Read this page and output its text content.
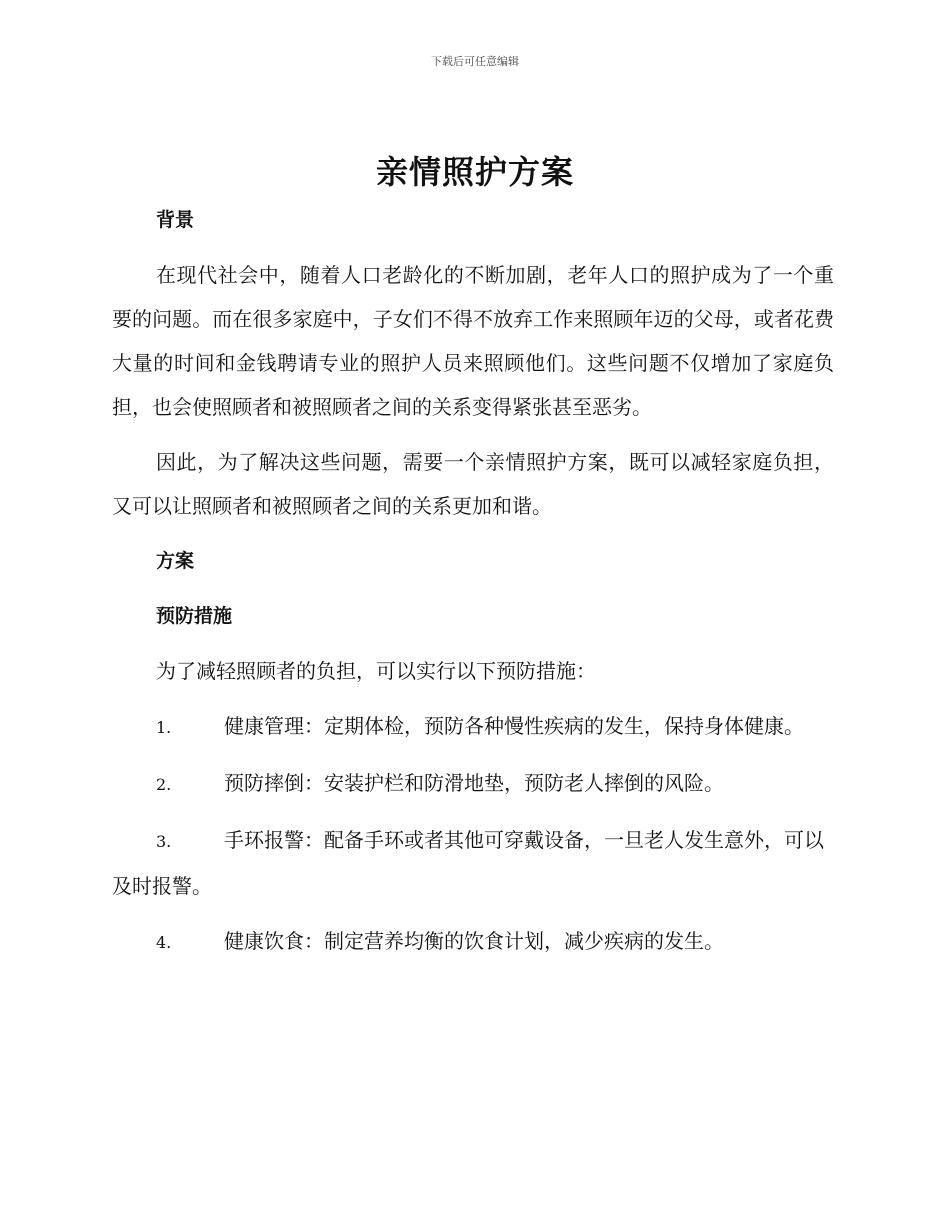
下载后可任意编辑
亲情照护方案
背景
在现代社会中，随着人口老龄化的不断加剧，老年人口的照护成为了一个重要的问题。而在很多家庭中，子女们不得不放弃工作来照顾年迈的父母，或者花费大量的时间和金钱聘请专业的照护人员来照顾他们。这些问题不仅增加了家庭负担，也会使照顾者和被照顾者之间的关系变得紧张甚至恶劣。
因此，为了解决这些问题，需要一个亲情照护方案，既可以减轻家庭负担，又可以让照顾者和被照顾者之间的关系更加和谐。
方案
预防措施
为了减轻照顾者的负担，可以实行以下预防措施：
1.	健康管理：定期体检，预防各种慢性疾病的发生，保持身体健康。
2.	预防摔倒：安装护栏和防滑地垫，预防老人摔倒的风险。
3.	手环报警：配备手环或者其他可穿戴设备，一旦老人发生意外，可以及时报警。
4.	健康饮食：制定营养均衡的饮食计划，减少疾病的发生。
